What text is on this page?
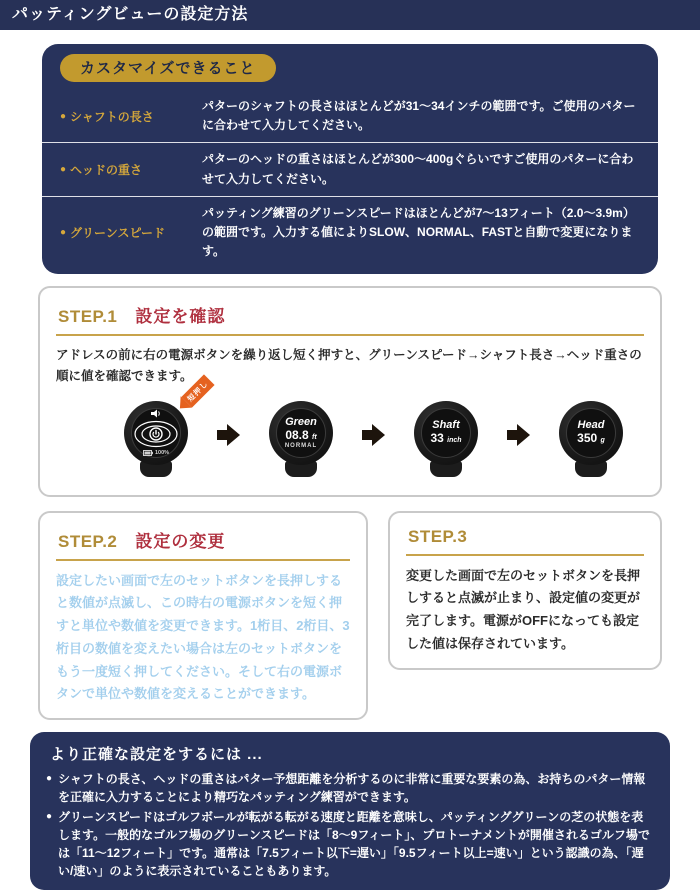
パッティングビューの設定方法
カスタマイズできること
● シャフトの長さ
パターのシャフトの長さはほとんどが31〜34インチの範囲です。ご使用のパターに合わせて入力してください。
● ヘッドの重さ
パターのヘッドの重さはほとんどが300〜400gぐらいですご使用のパターに合わせて入力してください。
● グリーンスピード
パッティング練習のグリーンスピードはほとんどが7〜13フィート（2.0〜3.9m）の範囲です。入力する値によりSLOW、NORMAL、FASTと自動で変更になります。
STEP.1 設定を確認
アドレスの前に右の電源ボタンを繰り返し短く押すと、グリーンスピード→シャフト長さ→ヘッド重さの順に値を確認できます。
短押し
100%
Green
08.8 ft
NORMAL
Shaft
33 inch
Head
350 g
STEP.2 設定の変更
設定したい画面で左のセットボタンを長押しすると数値が点滅し、この時右の電源ボタンを短く押すと単位や数値を変更できます。1桁目、2桁目、3桁目の数値を変えたい場合は左のセットボタンをもう一度短く押してください。そして右の電源ボタンで単位や数値を変えることができます。
STEP.3
変更した画面で左のセットボタンを長押しすると点滅が止まり、設定値の変更が完了します。電源がOFFになっても設定した値は保存されています。
より正確な設定をするには ...
● シャフトの長さ、ヘッドの重さはパター予想距離を分析するのに非常に重要な要素の為、お持ちのパター情報を正確に入力することにより精巧なパッティング練習ができます。
● グリーンスピードはゴルフボールが転がる転がる速度と距離を意味し、パッティンググリーンの芝の状態を表します。一般的なゴルフ場のグリーンスピードは「8〜9フィート」、プロトーナメントが開催されるゴルフ場では「11〜12フィート」です。通常は「7.5フィート以下=遅い」「9.5フィート以上=速い」という認識の為、「遅い/速い」のように表示されていることもあります。
